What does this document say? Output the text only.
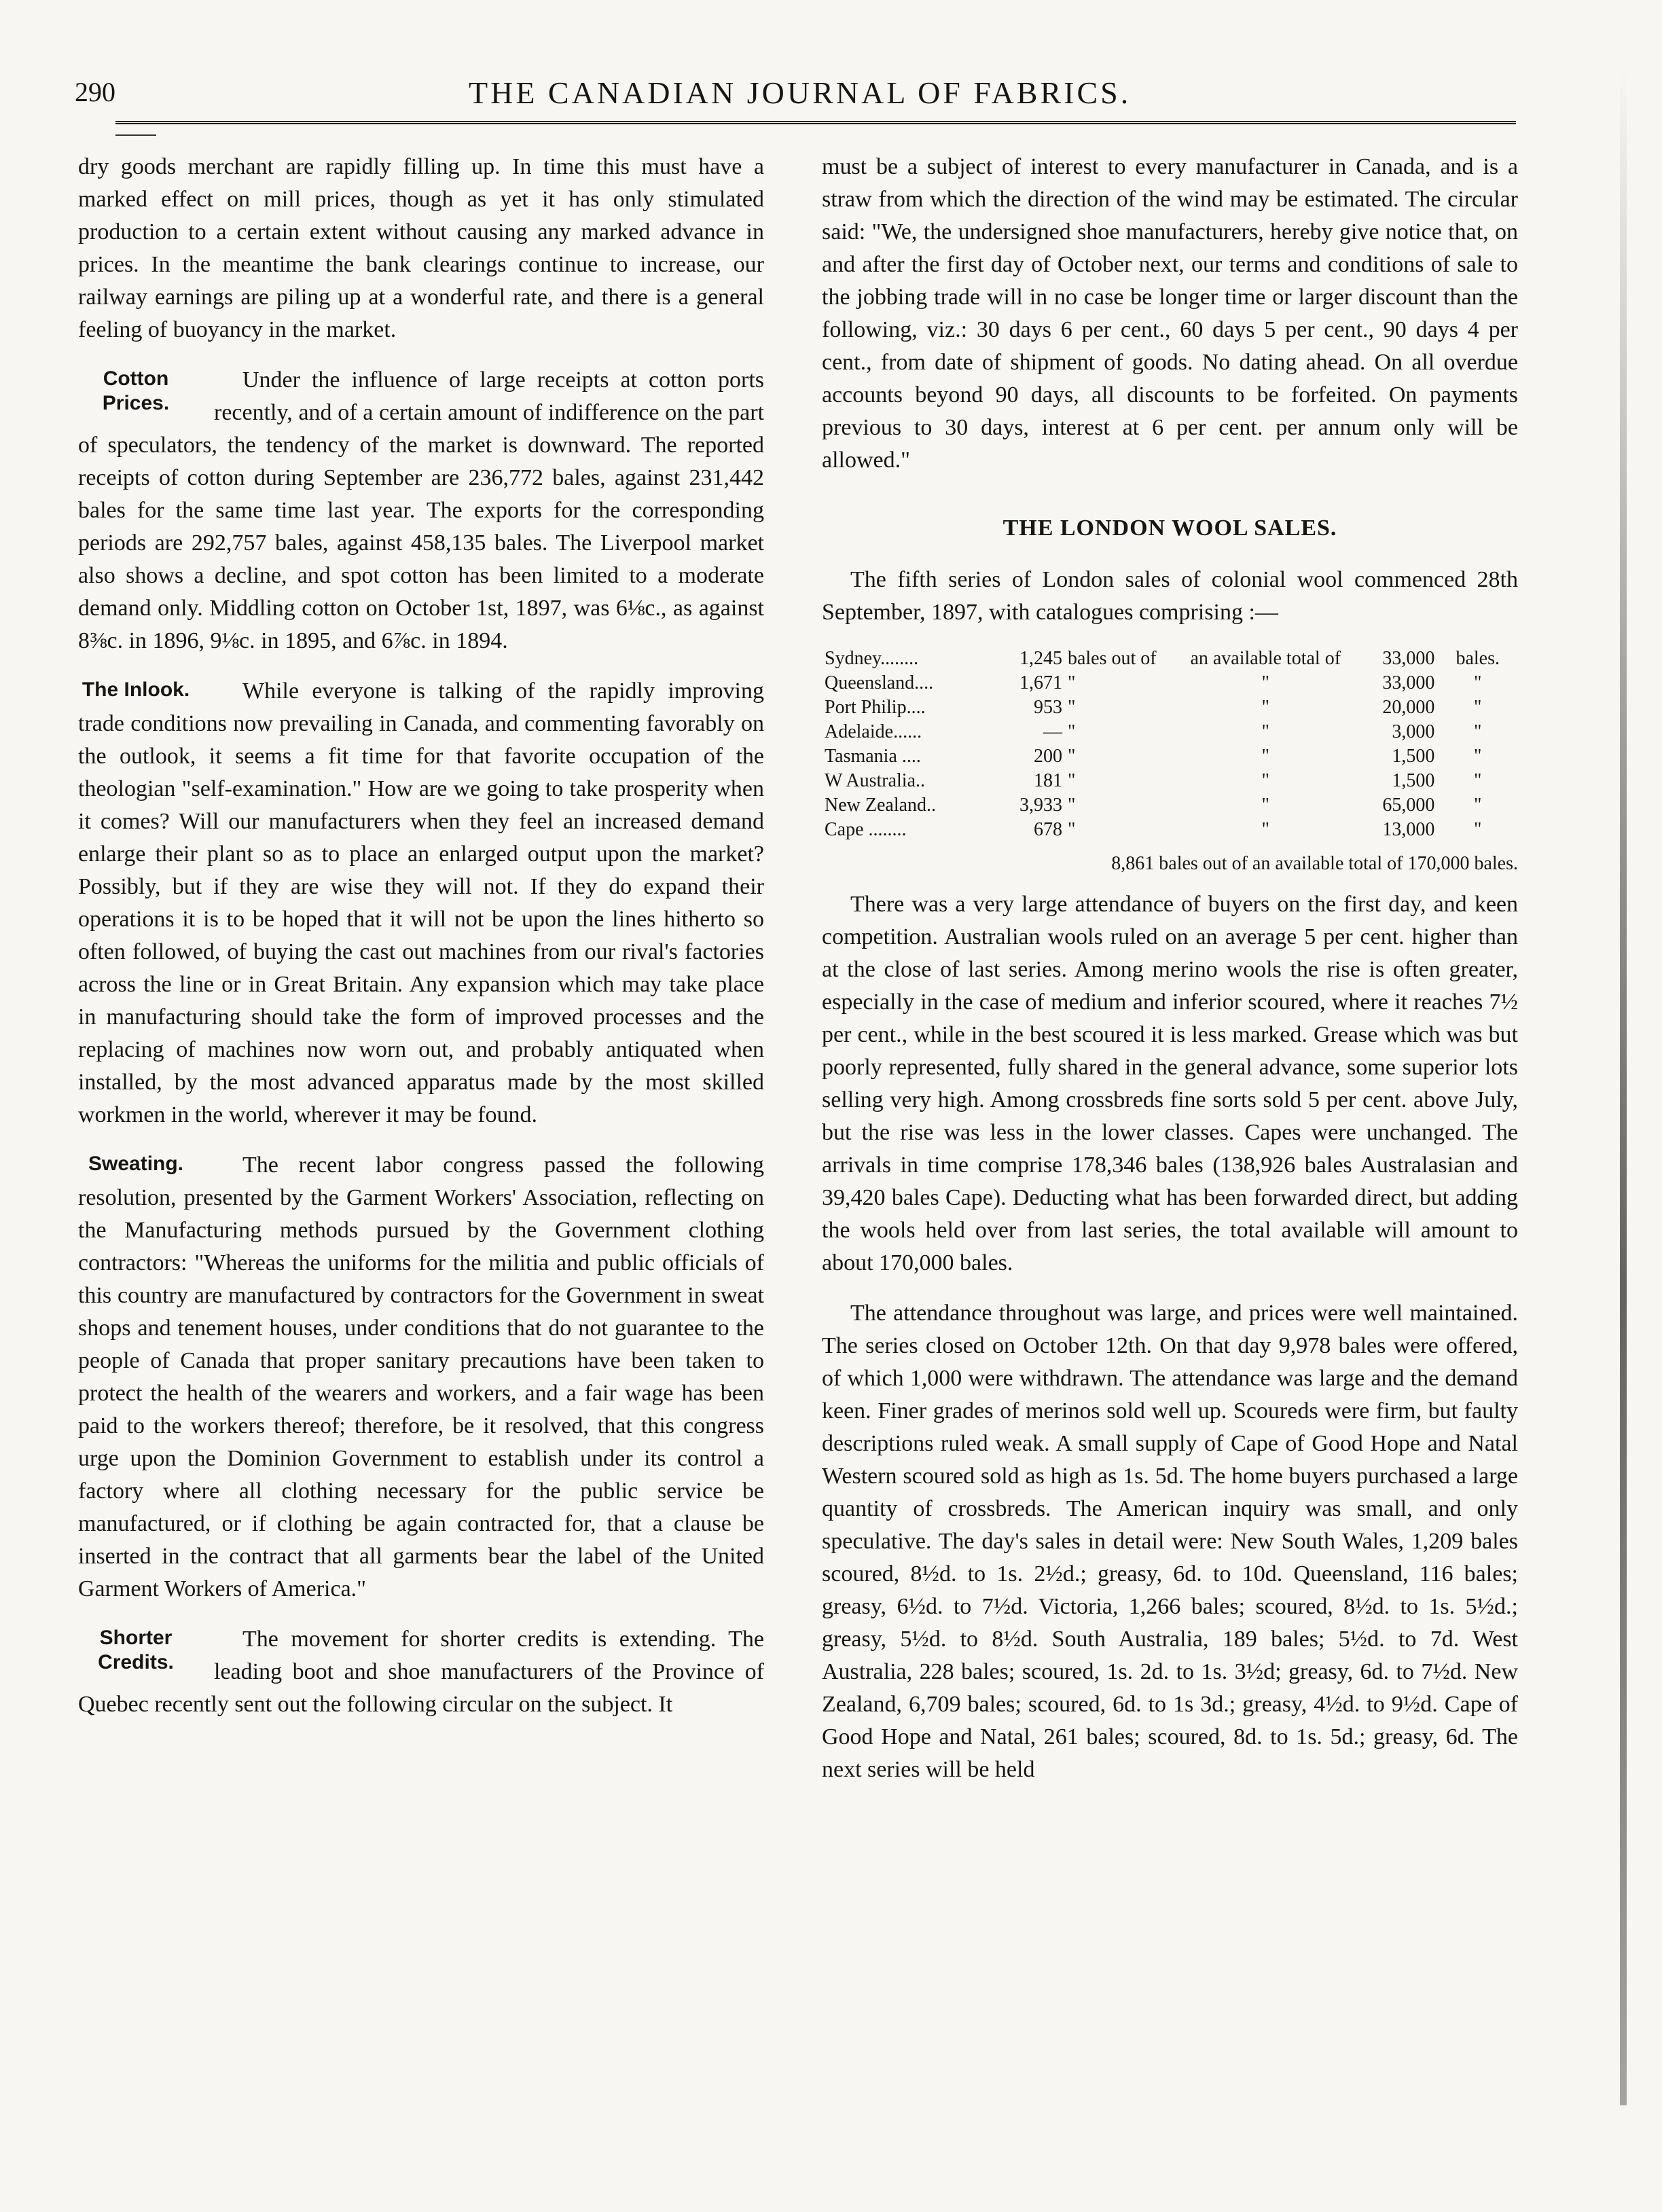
290	THE CANADIAN JOURNAL OF FABRICS.

dry goods merchant are rapidly filling up. In time this must have a marked effect on mill prices, though as yet it has only stimulated production to a certain extent without causing any marked advance in prices. In the meantime the bank clearings continue to increase, our railway earnings are piling up at a wonderful rate, and there is a general feeling of buoyancy in the market.

Cotton Prices.
Under the influence of large receipts at cotton ports recently, and of a certain amount of indifference on the part of speculators, the tendency of the market is downward. The reported receipts of cotton during September are 236,772 bales, against 231,442 bales for the same time last year. The exports for the corresponding periods are 292,757 bales, against 458,135 bales. The Liverpool market also shows a decline, and spot cotton has been limited to a moderate demand only. Middling cotton on October 1st, 1897, was 6⅛c., as against 8⅜c. in 1896, 9⅛c. in 1895, and 6⅞c. in 1894.

The Inlook. While everyone is talking of the rapidly improving trade conditions now prevailing in Canada, and commenting favorably on the outlook, it seems a fit time for that favorite occupation of the theologian "self-examination." How are we going to take prosperity when it comes? Will our manufacturers when they feel an increased demand enlarge their plant so as to place an enlarged output upon the market? Possibly, but if they are wise they will not. If they do expand their operations it is to be hoped that it will not be upon the lines hitherto so often followed, of buying the cast out machines from our rival's factories across the line or in Great Britain. Any expansion which may take place in manufacturing should take the form of improved processes and the replacing of machines now worn out, and probably antiquated when installed, by the most advanced apparatus made by the most skilled workmen in the world, wherever it may be found.

Sweating.	The recent labor congress passed the following resolution, presented by the Garment Workers' Association, reflecting on the Manufacturing methods pursued by the Government clothing contractors: "Whereas the uniforms for the militia and public officials of this country are manufactured by contractors for the Government in sweat shops and tenement houses, under conditions that do not guarantee to the people of Canada that proper sanitary precautions have been taken to protect the health of the wearers and workers, and a fair wage has been paid to the workers thereof; therefore, be it resolved, that this congress urge upon the Dominion Government to establish under its control a factory where all clothing necessary for the public service be manufactured, or if clothing be again contracted for, that a clause be inserted in the contract that all garments bear the label of the United Garment Workers of America."

Shorter Credits.
The movement for shorter credits is extending. The leading boot and shoe manufacturers of the Province of Quebec recently sent out the following circular on the subject. It

must be a subject of interest to every manufacturer in Canada, and is a straw from which the direction of the wind may be estimated. The circular said: "We, the undersigned shoe manufacturers, hereby give notice that, on and after the first day of October next, our terms and conditions of sale to the jobbing trade will in no case be longer time or larger discount than the following, viz.: 30 days 6 per cent., 60 days 5 per cent., 90 days 4 per cent., from date of shipment of goods. No dating ahead. On all overdue accounts beyond 90 days, all discounts to be forfeited. On payments previous to 30 days, interest at 6 per cent. per annum only will be allowed."

THE LONDON WOOL SALES.

The fifth series of London sales of colonial wool commenced 28th September, 1897, with catalogues comprising :—

Sydney........	1,245	bales out of	an available total of	33,000	bales.
Queensland....	1,671	"	"	33,000	"
Port Philip....	953	"	"	20,000	"
Adelaide......	—	"	"	3,000	"
Tasmania ....	200	"	"	1,500	"
W Australia..	181	"	"	1,500	"
New Zealand..	3,933	"	"	65,000	"
Cape ........	678	"	"	13,000	"
8,861 bales out of an available total of 170,000 bales.

There was a very large attendance of buyers on the first day, and keen competition. Australian wools ruled on an average 5 per cent. higher than at the close of last series. Among merino wools the rise is often greater, especially in the case of medium and inferior scoured, where it reaches 7½ per cent., while in the best scoured it is less marked. Grease which was but poorly represented, fully shared in the general advance, some superior lots selling very high. Among crossbreds fine sorts sold 5 per cent. above July, but the rise was less in the lower classes. Capes were unchanged. The arrivals in time comprise 178,346 bales (138,926 bales Australasian and 39,420 bales Cape). Deducting what has been forwarded direct, but adding the wools held over from last series, the total available will amount to about 170,000 bales.

The attendance throughout was large, and prices were well maintained. The series closed on October 12th. On that day 9,978 bales were offered, of which 1,000 were withdrawn. The attendance was large and the demand keen. Finer grades of merinos sold well up. Scoureds were firm, but faulty descriptions ruled weak. A small supply of Cape of Good Hope and Natal Western scoured sold as high as 1s. 5d. The home buyers purchased a large quantity of crossbreds. The American inquiry was small, and only speculative. The day's sales in detail were: New South Wales, 1,209 bales scoured, 8½d. to 1s. 2½d.; greasy, 6d. to 10d. Queensland, 116 bales; greasy, 6½d. to 7½d. Victoria, 1,266 bales; scoured, 8½d. to 1s. 5½d.; greasy, 5½d. to 8½d. South Australia, 189 bales; 5½d. to 7d. West Australia, 228 bales; scoured, 1s. 2d. to 1s. 3½d; greasy, 6d. to 7½d. New Zealand, 6,709 bales; scoured, 6d. to 1s 3d.; greasy, 4½d. to 9½d. Cape of Good Hope and Natal, 261 bales; scoured, 8d. to 1s. 5d.; greasy, 6d. The next series will be held
